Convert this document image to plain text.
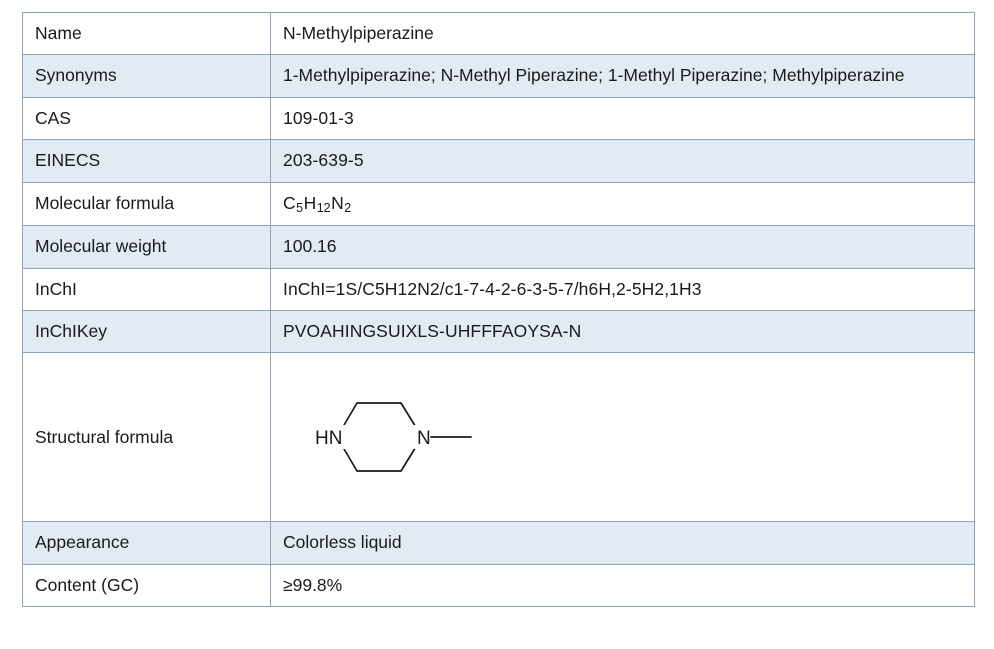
Name	N-Methylpiperazine
Synonyms	1-Methylpiperazine; N-Methyl Piperazine; 1-Methyl Piperazine; Methylpiperazine
CAS	109-01-3
EINECS	203-639-5
Molecular formula	$C_5H_{12}N_2$
Molecular weight	100.16
InChI	InChI=1S/C5H12N2/c1-7-4-2-6-3-5-7/h6H,2-5H2,1H3
InChIKey	PVOAHINGSUIXLS-UHFFFAOYSA-N
Structural formula	HN N

Appearance	Colorless liquid
Content (GC)	≥99.8%
